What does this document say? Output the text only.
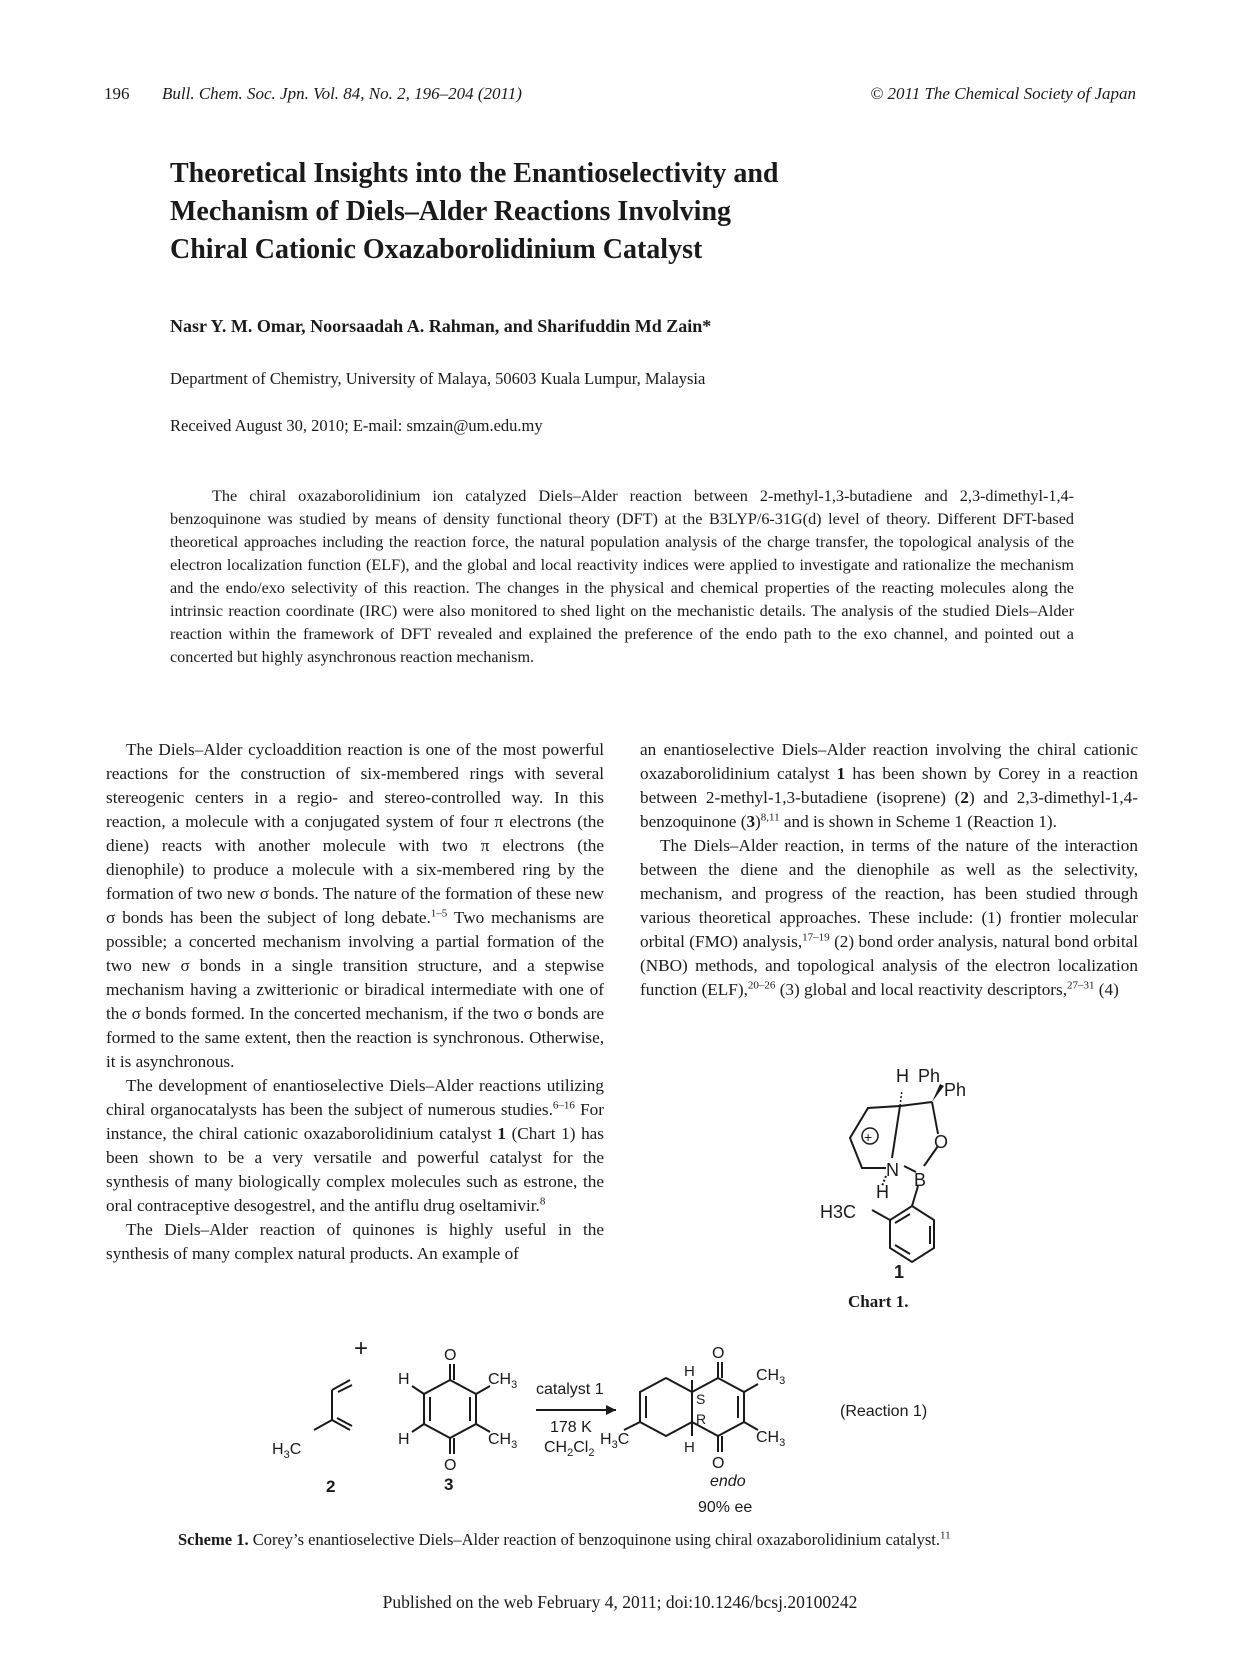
196 Bull. Chem. Soc. Jpn. Vol. 84, No. 2, 196–204 (2011)	© 2011 The Chemical Society of Japan
Theoretical Insights into the Enantioselectivity and
Mechanism of Diels–Alder Reactions Involving
Chiral Cationic Oxazaborolidinium Catalyst
Nasr Y. M. Omar, Noorsaadah A. Rahman, and Sharifuddin Md Zain*
Department of Chemistry, University of Malaya, 50603 Kuala Lumpur, Malaysia
Received August 30, 2010; E-mail: smzain@um.edu.my
The chiral oxazaborolidinium ion catalyzed Diels–Alder reaction between 2-methyl-1,3-butadiene and 2,3-dimethyl-1,4-benzoquinone was studied by means of density functional theory (DFT) at the B3LYP/6-31G(d) level of theory. Different DFT-based theoretical approaches including the reaction force, the natural population analysis of the charge transfer, the topological analysis of the electron localization function (ELF), and the global and local reactivity indices were applied to investigate and rationalize the mechanism and the endo/exo selectivity of this reaction. The changes in the physical and chemical properties of the reacting molecules along the intrinsic reaction coordinate (IRC) were also monitored to shed light on the mechanistic details. The analysis of the studied Diels–Alder reaction within the framework of DFT revealed and explained the preference of the endo path to the exo channel, and pointed out a concerted but highly asynchronous reaction mechanism.

The Diels–Alder cycloaddition reaction is one of the most powerful reactions for the construction of six-membered rings with several stereogenic centers in a regio- and stereo-controlled way. In this reaction, a molecule with a conjugated system of four π electrons (the diene) reacts with another molecule with two π electrons (the dienophile) to produce a molecule with a six-membered ring by the formation of two new σ bonds. The nature of the formation of these new σ bonds has been the subject of long debate.$^{1-5}$ Two mechanisms are possible; a concerted mechanism involving a partial formation of the two new σ bonds in a single transition structure, and a stepwise mechanism having a zwitterionic or biradical intermediate with one of the σ bonds formed. In the concerted mechanism, if the two σ bonds are formed to the same extent, then the reaction is synchronous. Otherwise, it is asynchronous.

The development of enantioselective Diels–Alder reactions utilizing chiral organocatalysts has been the subject of numerous studies.$^{6-16}$ For instance, the chiral cationic oxazaborolidinium catalyst 1 (Chart 1) has been shown to be a very versatile and powerful catalyst for the synthesis of many biologically complex molecules such as estrone, the oral contraceptive desogestrel, and the antiflu drug oseltamivir.$^8$

The Diels–Alder reaction of quinones is highly useful in the synthesis of many complex natural products. An example of

an enantioselective Diels–Alder reaction involving the chiral cationic oxazaborolidinium catalyst 1 has been shown by Corey in a reaction between 2-methyl-1,3-butadiene (isoprene) (2) and 2,3-dimethyl-1,4-benzoquinone $(3)^{8,11}$ and is shown in Scheme 1 (Reaction 1).

The Diels–Alder reaction, in terms of the nature of the interaction between the diene and the dienophile as well as the selectivity, mechanism, and progress of the reaction, has been studied through various theoretical approaches. These include: (1) frontier molecular orbital (FMO) analysis,$^{17-19}$ (2) bond order analysis, natural bond orbital (NBO) methods, and topological analysis of the electron localization function (ELF),$^{20-26}$ (3) global and local reactivity descriptors,$^{27-31}$ (4)

H Ph
Ph
+
N
O
B
H
H3C
1
Chart 1.
+
$H_3C$
O
O
H
H
$CH_3$
$CH_3$
catalyst 1
178 K
$CH_2Cl_2$
$H_3C$
O
O
H
H
S
R
$CH_3$
$CH_3$
(Reaction 1)
2	3	endo
90% ee
Scheme 1. Corey’s enantioselective Diels–Alder reaction of benzoquinone using chiral oxazaborolidinium catalyst.$^{11}$
Published on the web February 4, 2011; doi:10.1246/bcsj.20100242
